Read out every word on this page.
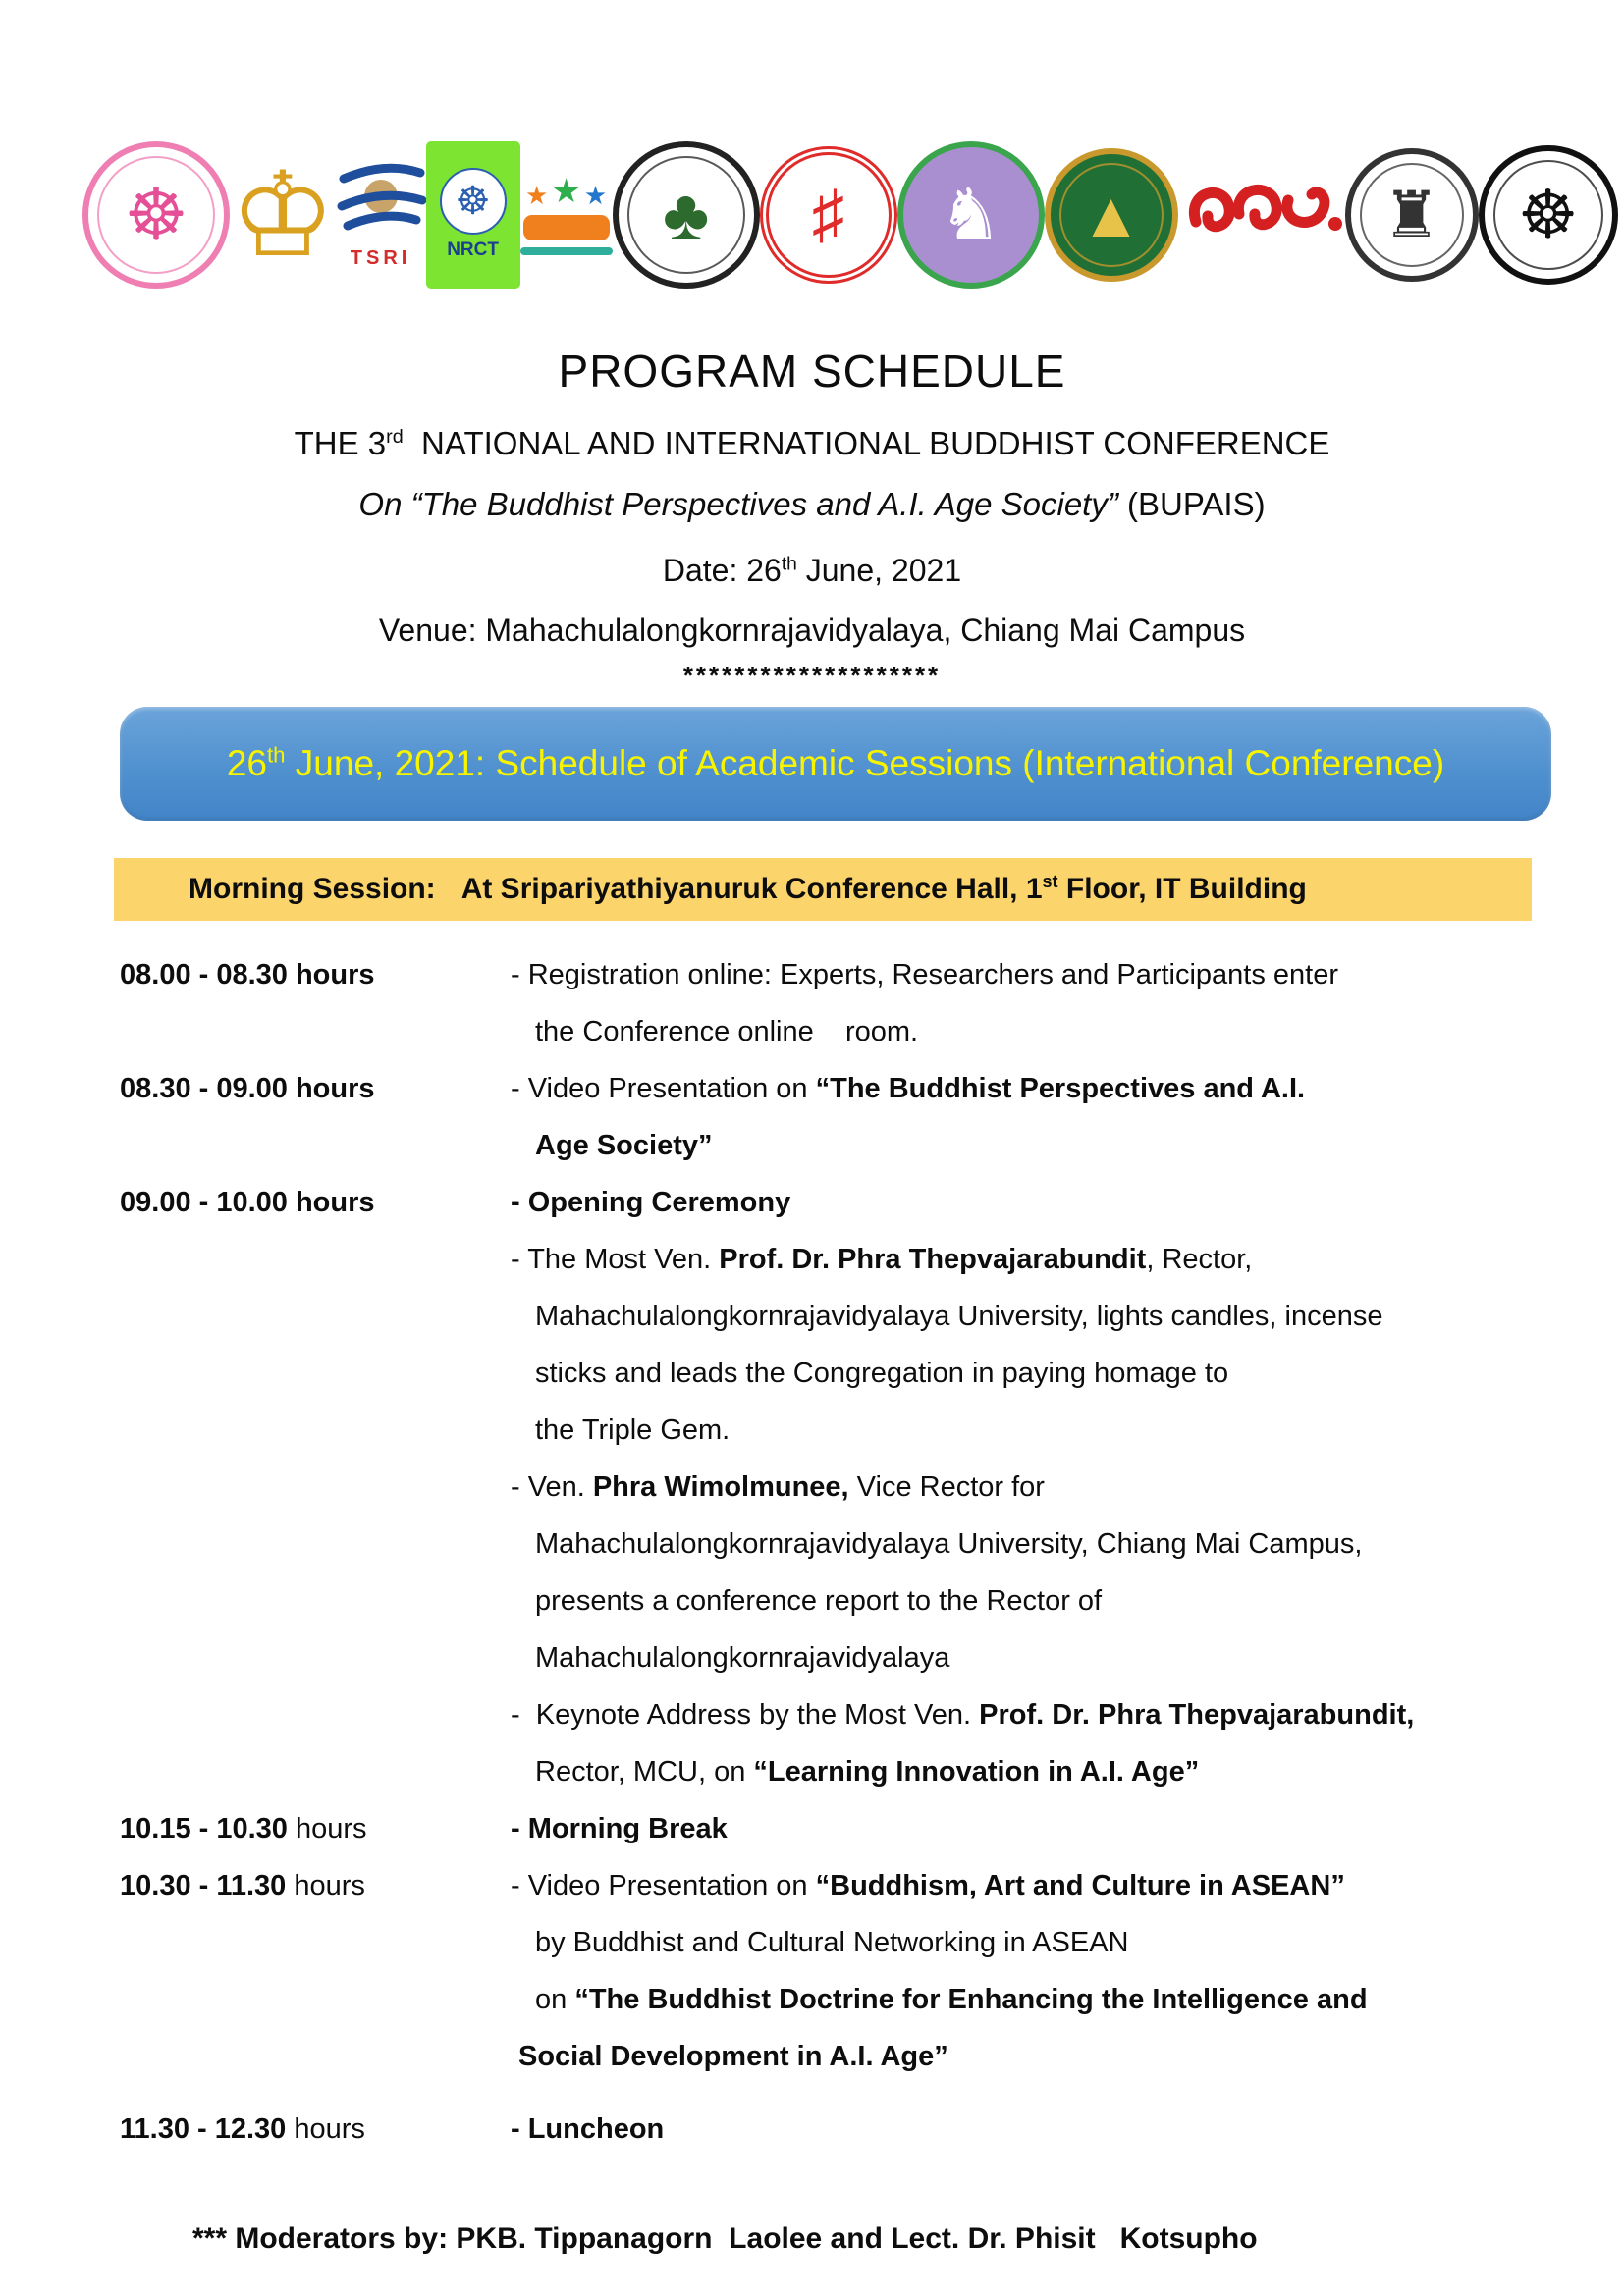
☸ ♔ TSRI
☸
NRCT
★ ★ ★ ♣ ♯ ♞ ▲	♜ ☸
PROGRAM SCHEDULE
THE 3rd  NATIONAL AND INTERNATIONAL BUDDHIST CONFERENCE
On “The Buddhist Perspectives and A.I. Age Society” (BUPAIS)
Date: 26th June, 2021
Venue: Mahachulalongkornrajavidyalaya, Chiang Mai Campus
********************
26th June, 2021: Schedule of Academic Sessions (International Conference)
Morning Session: At Sripariyathiyanuruk Conference Hall, 1st Floor, IT Building
08.00 - 08.30 hours	- Registration online: Experts, Researchers and Participants enter
the Conference online    room.
08.30 - 09.00 hours	- Video Presentation on “The Buddhist Perspectives and A.I.
Age Society”
09.00 - 10.00 hours	- Opening Ceremony
- The Most Ven. Prof. Dr. Phra Thepvajarabundit, Rector,
Mahachulalongkornrajavidyalaya University, lights candles, incense
sticks and leads the Congregation in paying homage to
the Triple Gem.
- Ven. Phra Wimolmunee, Vice Rector for
Mahachulalongkornrajavidyalaya University, Chiang Mai Campus,
presents a conference report to the Rector of
Mahachulalongkornrajavidyalaya
-  Keynote Address by the Most Ven. Prof. Dr. Phra Thepvajarabundit,
Rector, MCU, on “Learning Innovation in A.I. Age”
10.15 - 10.30 hours	- Morning Break
10.30 - 11.30 hours	- Video Presentation on “Buddhism, Art and Culture in ASEAN”
by Buddhist and Cultural Networking in ASEAN
on “The Buddhist Doctrine for Enhancing the Intelligence and
Social Development in A.I. Age”
11.30 - 12.30 hours	- Luncheon
*** Moderators by: PKB. Tippanagorn  Laolee and Lect. Dr. Phisit   Kotsupho
